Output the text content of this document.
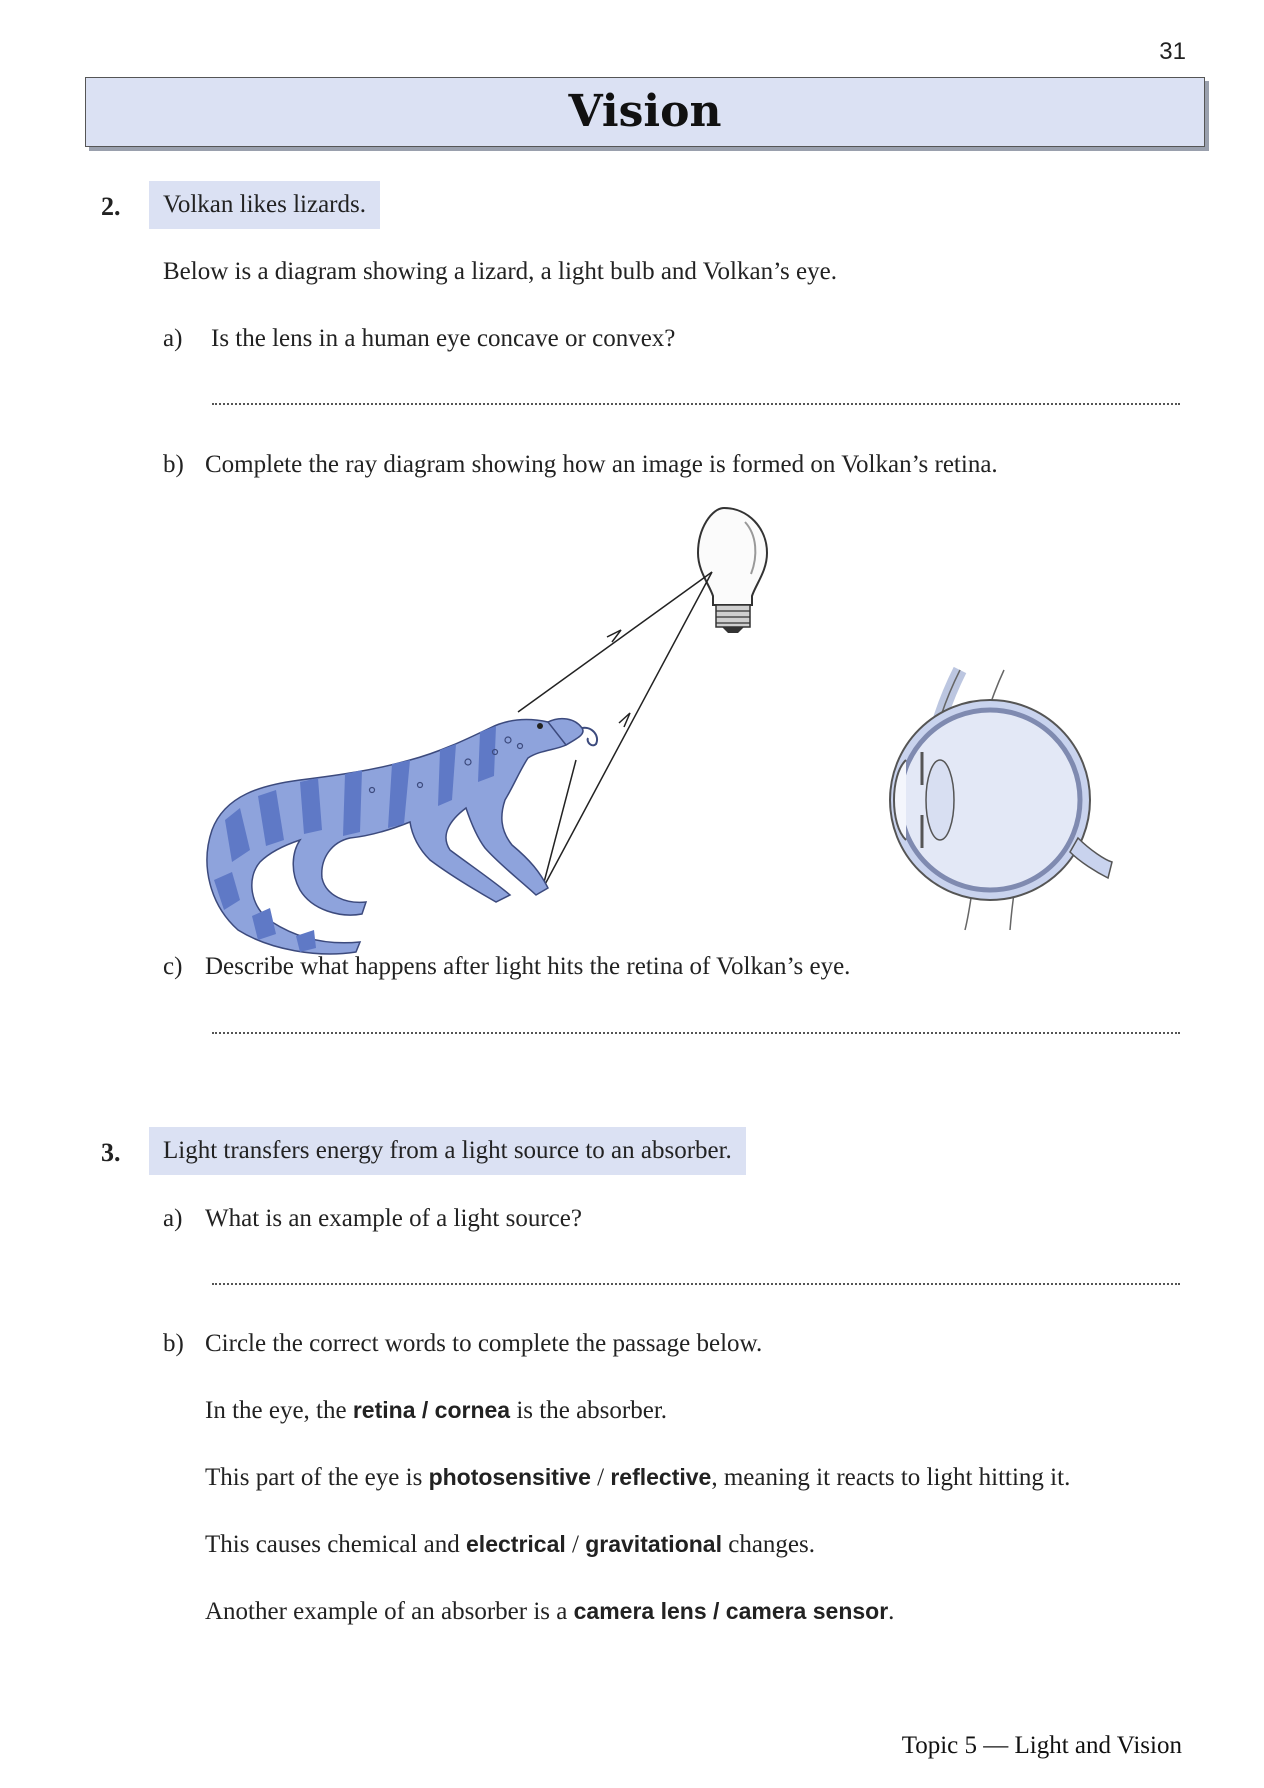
31
Vision
2.	Volkan likes lizards.
Below is a diagram showing a lizard, a light bulb and Volkan’s eye.
a) Is the lens in a human eye concave or convex?
b) Complete the ray diagram showing how an image is formed on Volkan’s retina.
c) Describe what happens after light hits the retina of Volkan’s eye.
3.	Light transfers energy from a light source to an absorber.
a) What is an example of a light source?
b) Circle the correct words to complete the passage below.
In the eye, the retina / cornea is the absorber.
This part of the eye is photosensitive / reflective, meaning it reacts to light hitting it.
This causes chemical and electrical / gravitational changes.
Another example of an absorber is a camera lens / camera sensor.
Topic 5 — Light and Vision
